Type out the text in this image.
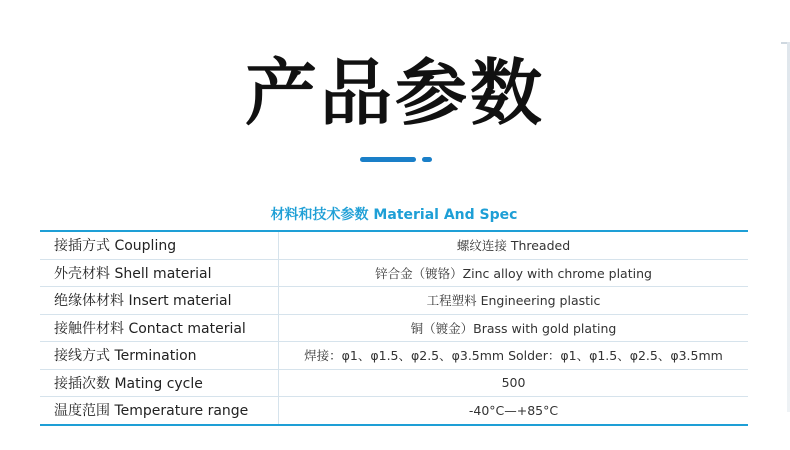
产品参数
材料和技术参数 Material And Spec
接插方式 Coupling	螺纹连接 Threaded
外壳材料 Shell material	锌合金（镀铬）Zinc alloy with chrome plating
绝缘体材料 Insert material	工程塑料 Engineering plastic
接触件材料 Contact material	铜（镀金）Brass with gold plating
接线方式 Termination	焊接：φ1、φ1.5、φ2.5、φ3.5mm Solder：φ1、φ1.5、φ2.5、φ3.5mm
接插次数 Mating cycle	500
温度范围 Temperature range	-40°C—+85°C
